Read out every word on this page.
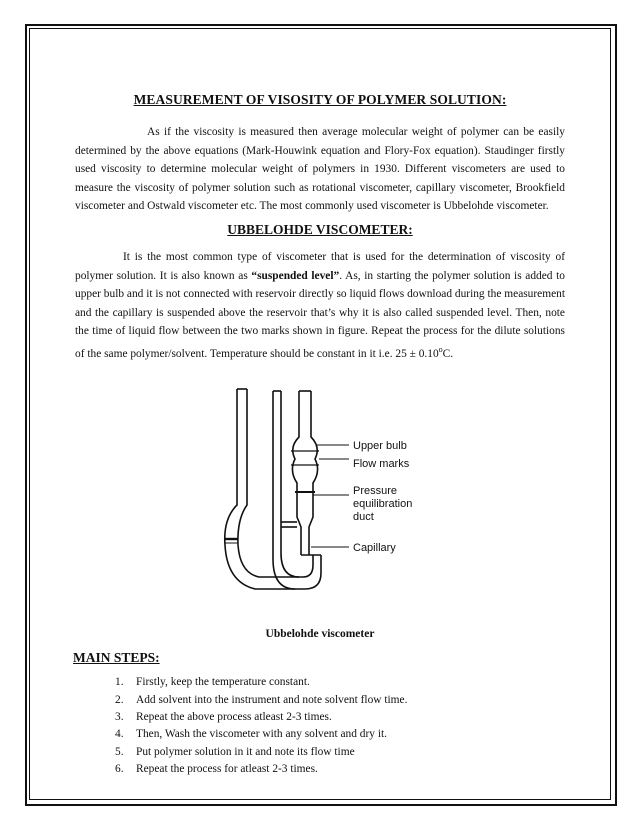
MEASUREMENT OF VISOSITY OF POLYMER SOLUTION:

As if the viscosity is measured then average molecular weight of polymer can be easily determined by the above equations (Mark-Houwink equation and Flory-Fox equation). Staudinger firstly used viscosity to determine molecular weight of polymers in 1930. Different viscometers are used to measure the viscosity of polymer solution such as rotational viscometer, capillary viscometer, Brookfield viscometer and Ostwald viscometer etc. The most commonly used viscometer is Ubbelohde viscometer.

UBBELOHDE VISCOMETER:

It is the most common type of viscometer that is used for the determination of viscosity of polymer solution. It is also known as “suspended level”. As, in starting the polymer solution is added to upper bulb and it is not connected with reservoir directly so liquid flows download during the measurement and the capillary is suspended above the reservoir that’s why it is also called suspended level. Then, note the time of liquid flow between the two marks shown in figure. Repeat the process for the dilute solutions of the same polymer/solvent. Temperature should be constant in it i.e. $25 \pm 0.10^oC$.

Upper bulb
Flow marks
Pressure
equilibration
duct
Capillary
Ubbelohde viscometer
MAIN STEPS:
1.	Firstly, keep the temperature constant.
2.	Add solvent into the instrument and note solvent flow time.
3.	Repeat the above process atleast 2-3 times.
4.	Then, Wash the viscometer with any solvent and dry it.
5.	Put polymer solution in it and note its flow time
6.	Repeat the process for atleast 2-3 times.
